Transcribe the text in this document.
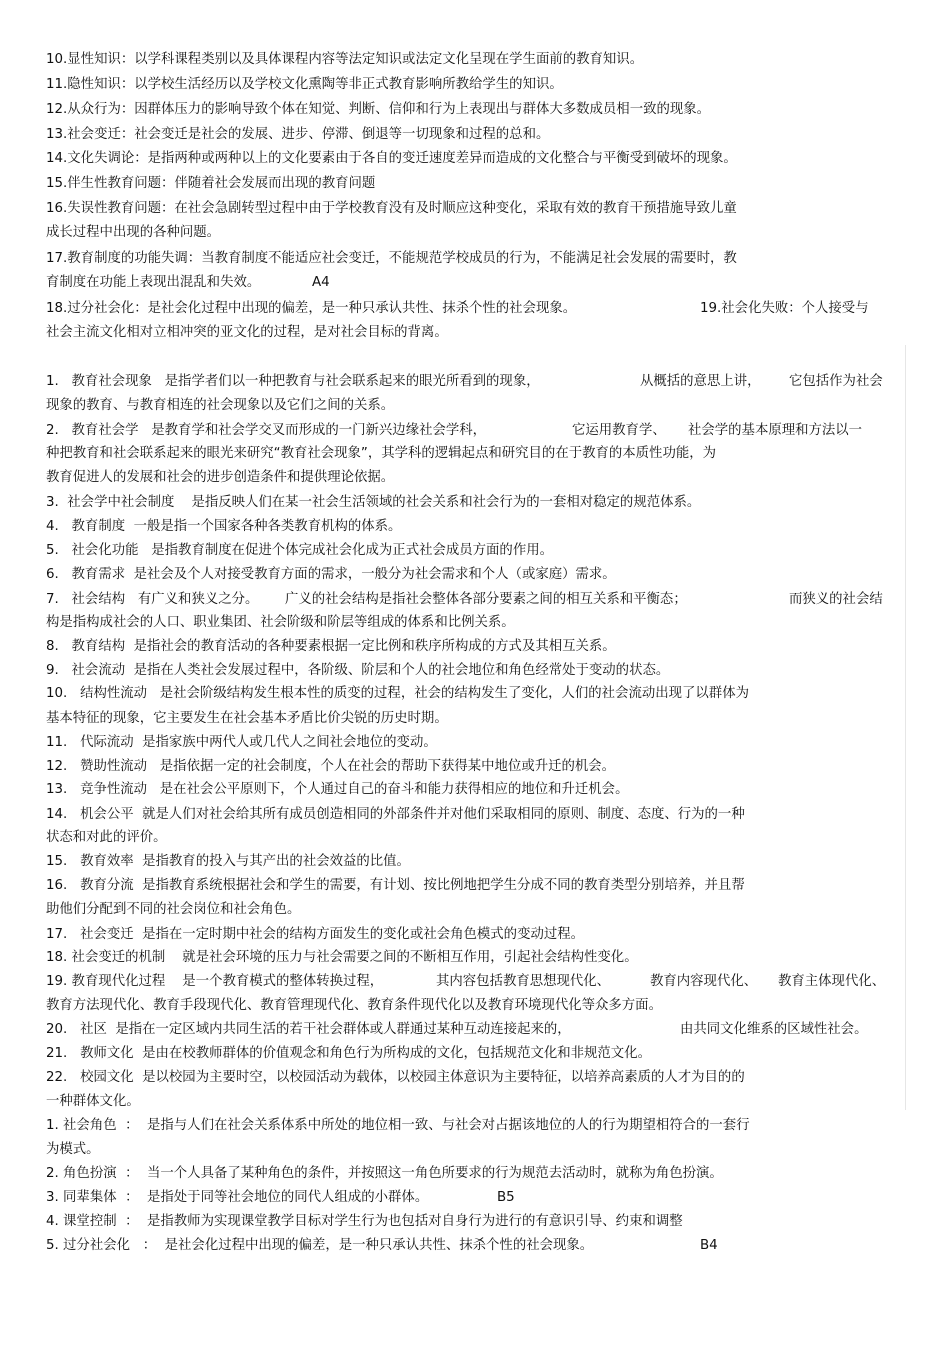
10.显性知识：以学科课程类别以及具体课程内容等法定知识或法定文化呈现在学生面前的教育知识。
11.隐性知识：以学校生活经历以及学校文化熏陶等非正式教育影响所教给学生的知识。
12.从众行为：因群体压力的影响导致个体在知觉、判断、信仰和行为上表现出与群体大多数成员相一致的现象。
13.社会变迁：社会变迁是社会的发展、进步、停滞、倒退等一切现象和过程的总和。
14.文化失调论：是指两种或两种以上的文化要素由于各自的变迁速度差异而造成的文化整合与平衡受到破坏的现象。
15.伴生性教育问题：伴随着社会发展而出现的教育问题
16.失误性教育问题：在社会急剧转型过程中由于学校教育没有及时顺应这种变化，采取有效的教育干预措施导致儿童
成长过程中出现的各种问题。
17.教育制度的功能失调：当教育制度不能适应社会变迁，不能规范学校成员的行为，不能满足社会发展的需要时，教
育制度在功能上表现出混乱和失效。	A4
18.过分社会化：是社会化过程中出现的偏差，是一种只承认共性、抹杀个性的社会现象。	19.社会化失败：个人接受与
社会主流文化相对立相冲突的亚文化的过程，是对社会目标的背离。
1.   教育社会现象   是指学者们以一种把教育与社会联系起来的眼光所看到的现象，	从概括的意思上讲， 它包括作为社会
现象的教育、与教育相连的社会现象以及它们之间的关系。
2.   教育社会学   是教育学和社会学交叉而形成的一门新兴边缘社会学科，	它运用教育学、 社会学的基本原理和方法以一
种把教育和社会联系起来的眼光来研究“教育社会现象”，其学科的逻辑起点和研究目的在于教育的本质性功能，为
教育促进人的发展和社会的进步创造条件和提供理论依据。
3.  社会学中社会制度    是指反映人们在某一社会生活领域的社会关系和社会行为的一套相对稳定的规范体系。
4.   教育制度  一般是指一个国家各种各类教育机构的体系。
5.   社会化功能   是指教育制度在促进个体完成社会化成为正式社会成员方面的作用。
6.   教育需求  是社会及个人对接受教育方面的需求，一般分为社会需求和个人（或家庭）需求。
7.   社会结构   有广义和狭义之分。 广义的社会结构是指社会整体各部分要素之间的相互关系和平衡态；	而狭义的社会结
构是指构成社会的人口、职业集团、社会阶级和阶层等组成的体系和比例关系。
8.   教育结构  是指社会的教育活动的各种要素根据一定比例和秩序所构成的方式及其相互关系。
9.   社会流动  是指在人类社会发展过程中，各阶级、阶层和个人的社会地位和角色经常处于变动的状态。
10.   结构性流动   是社会阶级结构发生根本性的质变的过程，社会的结构发生了变化，人们的社会流动出现了以群体为
基本特征的现象，它主要发生在社会基本矛盾比价尖锐的历史时期。
11.   代际流动  是指家族中两代人或几代人之间社会地位的变动。
12.   赞助性流动   是指依据一定的社会制度，个人在社会的帮助下获得某中地位或升迁的机会。
13.   竞争性流动   是在社会公平原则下，个人通过自己的奋斗和能力获得相应的地位和升迁机会。
14.   机会公平  就是人们对社会给其所有成员创造相同的外部条件并对他们采取相同的原则、制度、态度、行为的一种
状态和对此的评价。
15.   教育效率  是指教育的投入与其产出的社会效益的比值。
16.   教育分流  是指教育系统根据社会和学生的需要，有计划、按比例地把学生分成不同的教育类型分别培养，并且帮
助他们分配到不同的社会岗位和社会角色。
17.   社会变迁  是指在一定时期中社会的结构方面发生的变化或社会角色模式的变动过程。
18. 社会变迁的机制    就是社会环境的压力与社会需要之间的不断相互作用，引起社会结构性变化。
19. 教育现代化过程    是一个教育模式的整体转换过程，	其内容包括教育思想现代化、	教育内容现代化、 教育主体现代化、
教育方法现代化、教育手段现代化、教育管理现代化、教育条件现代化以及教育环境现代化等众多方面。
20.   社区  是指在一定区域内共同生活的若干社会群体或人群通过某种互动连接起来的，	由共同文化维系的区域性社会。
21.   教师文化  是由在校教师群体的价值观念和角色行为所构成的文化，包括规范文化和非规范文化。
22.   校园文化  是以校园为主要时空，以校园活动为载体，以校园主体意识为主要特征，以培养高素质的人才为目的的
一种群体文化。
1. 社会角色  ：  是指与人们在社会关系体系中所处的地位相一致、与社会对占据该地位的人的行为期望相符合的一套行
为模式。
2. 角色扮演  ：  当一个人具备了某种角色的条件，并按照这一角色所要求的行为规范去活动时，就称为角色扮演。
3. 同辈集体  ：  是指处于同等社会地位的同代人组成的小群体。	B5
4. 课堂控制  ：  是指教师为实现课堂教学目标对学生行为也包括对自身行为进行的有意识引导、约束和调整
5. 过分社会化   ：  是社会化过程中出现的偏差，是一种只承认共性、抹杀个性的社会现象。	B4
